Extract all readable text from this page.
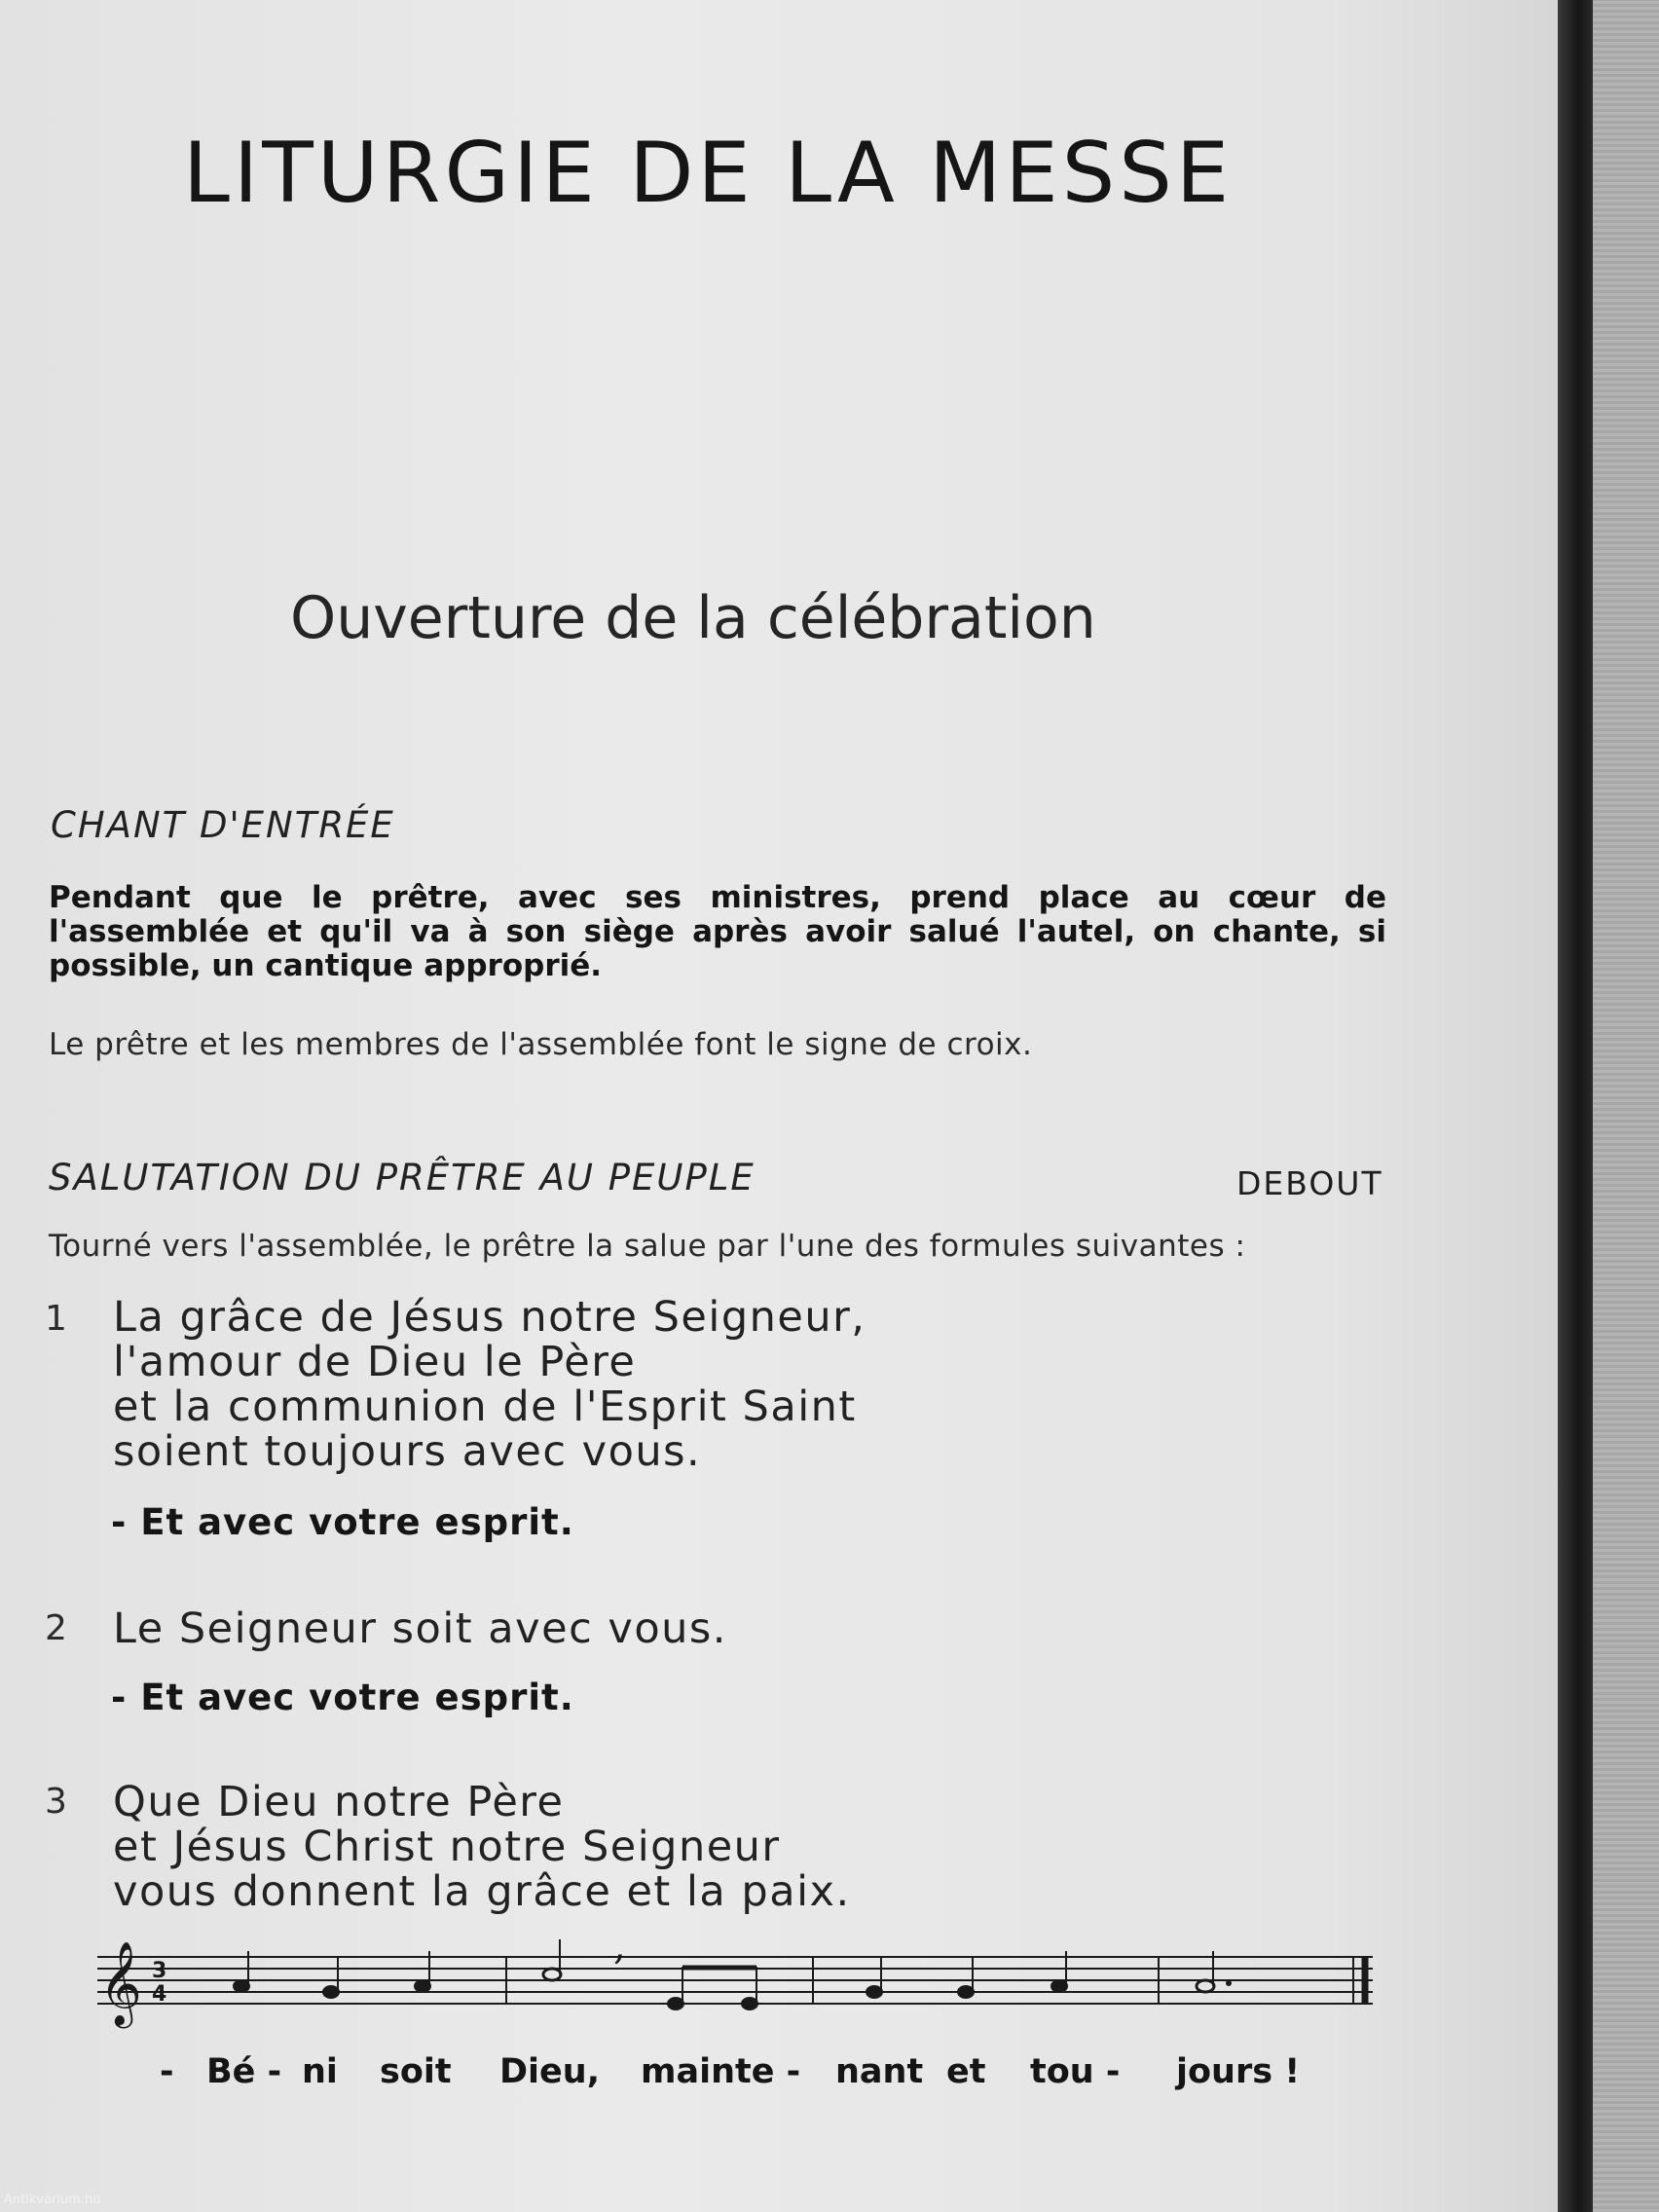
LITURGIE DE LA MESSE
Ouverture de la célébration
CHANT D'ENTRÉE
Pendant que le prêtre, avec ses ministres, prend place au cœur de l'assemblée et qu'il va à son siège après avoir salué l'autel, on chante, si possible, un cantique approprié.
Le prêtre et les membres de l'assemblée font le signe de croix.
SALUTATION DU PRÊTRE AU PEUPLE	DEBOUT
Tourné vers l'assemblée, le prêtre la salue par l'une des formules suivantes :
1 La grâce de Jésus notre Seigneur,
l'amour de Dieu le Père
et la communion de l'Esprit Saint
soient toujours avec vous.
- Et avec votre esprit.
2 Le Seigneur soit avec vous.
- Et avec votre esprit.
3 Que Dieu notre Père
et Jésus Christ notre Seigneur
vous donnent la grâce et la paix.
𝄞 3
4
,
- Bé - ni soit Dieu, mainte - nant et tou - jours !
Antikvárium.hu
